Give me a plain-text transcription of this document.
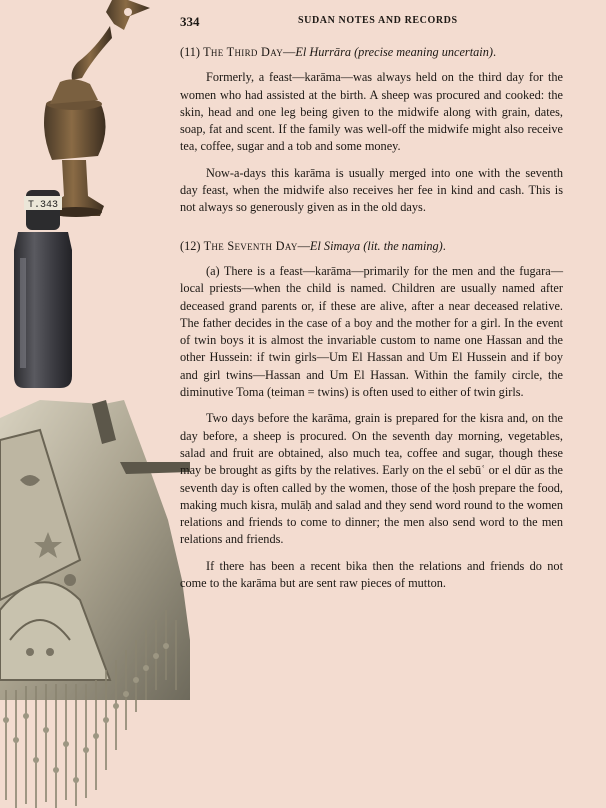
T.343
334	SUDAN NOTES AND RECORDS

(11) The Third Day—El Hurrāra (precise meaning uncertain).

Formerly, a feast—karāma—was always held on the third day for the women who had assisted at the birth. A sheep was procured and cooked: the skin, head and one leg being given to the midwife along with grain, dates, soap, fat and scent. If the family was well-off the midwife might also receive tea, coffee, sugar and a tob and some money.

Now-a-days this karāma is usually merged into one with the seventh day feast, when the midwife also receives her fee in kind and cash. This is not always so generously given as in the old days.

(12) The Seventh Day—El Simaya (lit. the naming).

(a) There is a feast—karāma—primarily for the men and the fugara—local priests—when the child is named. Children are usually named after deceased grand parents or, if these are alive, after a near deceased relative. The father decides in the case of a boy and the mother for a girl. In the event of twin boys it is almost the invariable custom to name one Hassan and the other Hussein: if twin girls—Um El Hassan and Um El Hussein and if boy and girl twins—Hassan and Um El Hassan. Within the family circle, the diminutive Toma (teiman = twins) is often used to either of twin girls.

Two days before the karāma, grain is prepared for the kisra and, on the day before, a sheep is procured. On the seventh day morning, vegetables, salad and fruit are obtained, also much tea, coffee and sugar, though these may be brought as gifts by the relatives. Early on the el sebūʿ or el dūr as the seventh day is often called by the women, those of the ḥosh prepare the food, making much kisra, mulāḥ and salad and they send word round to the women relations and friends to come to dinner; the men also send word to the men relations and friends.

If there has been a recent bika then the relations and friends do not come to the karāma but are sent raw pieces of mutton.
